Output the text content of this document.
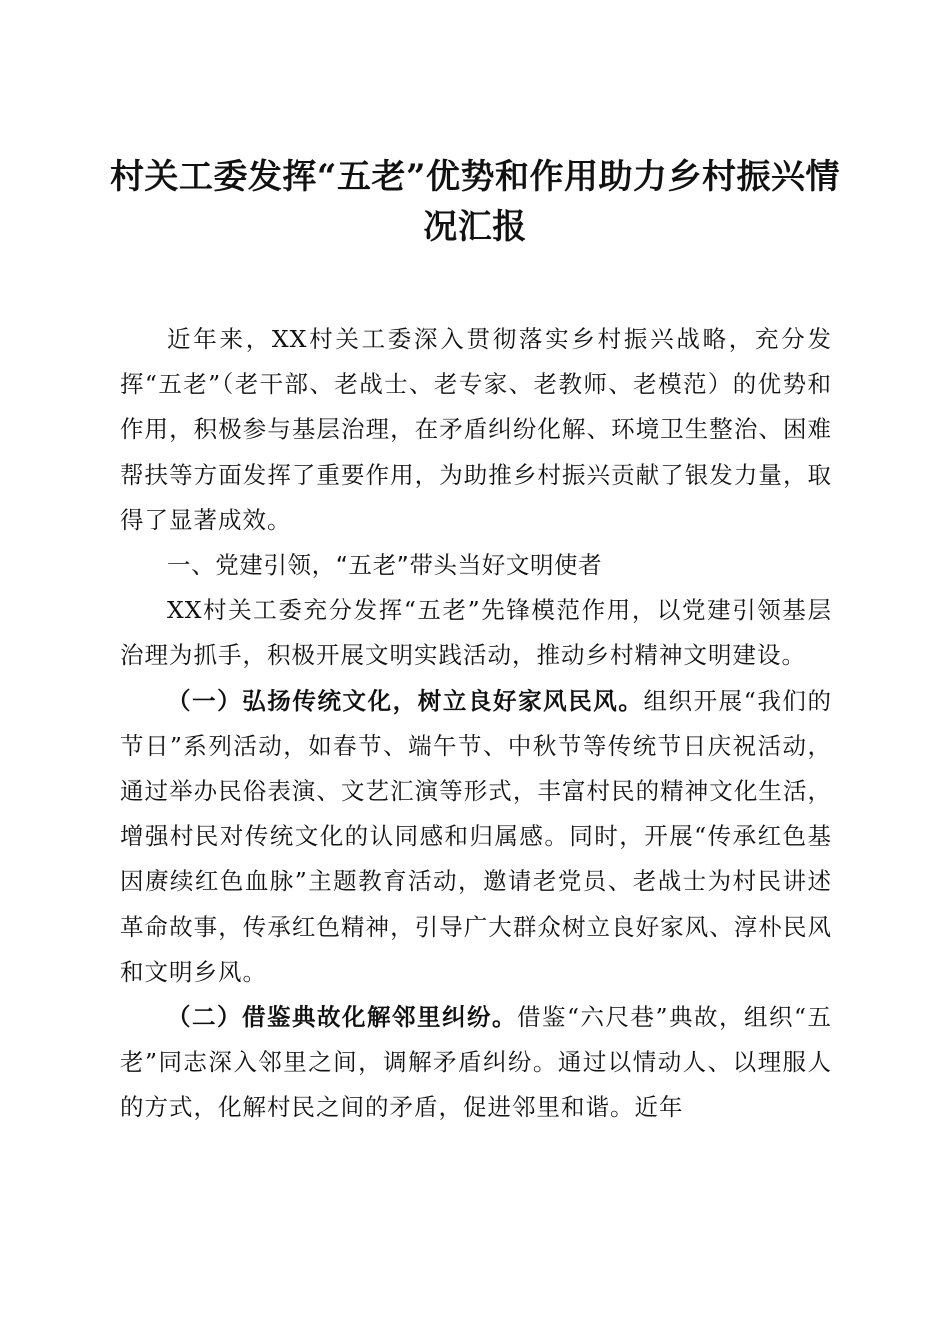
村关工委发挥“五老”优势和作用助力乡村振兴情况汇报

近年来，XX村关工委深入贯彻落实乡村振兴战略，充分发挥“五老”（老干部、老战士、老专家、老教师、老模范）的优势和作用，积极参与基层治理，在矛盾纠纷化解、环境卫生整治、困难帮扶等方面发挥了重要作用，为助推乡村振兴贡献了银发力量，取得了显著成效。

一、党建引领，“五老”带头当好文明使者

XX村关工委充分发挥“五老”先锋模范作用，以党建引领基层治理为抓手，积极开展文明实践活动，推动乡村精神文明建设。

（一）弘扬传统文化，树立良好家风民风。组织开展“我们的节日”系列活动，如春节、端午节、中秋节等传统节日庆祝活动，通过举办民俗表演、文艺汇演等形式，丰富村民的精神文化生活，增强村民对传统文化的认同感和归属感。同时，开展“传承红色基因赓续红色血脉”主题教育活动，邀请老党员、老战士为村民讲述革命故事，传承红色精神，引导广大群众树立良好家风、淳朴民风和文明乡风。

（二）借鉴典故化解邻里纠纷。借鉴“六尺巷”典故，组织“五老”同志深入邻里之间，调解矛盾纠纷。通过以情动人、以理服人的方式，化解村民之间的矛盾，促进邻里和谐。近年
